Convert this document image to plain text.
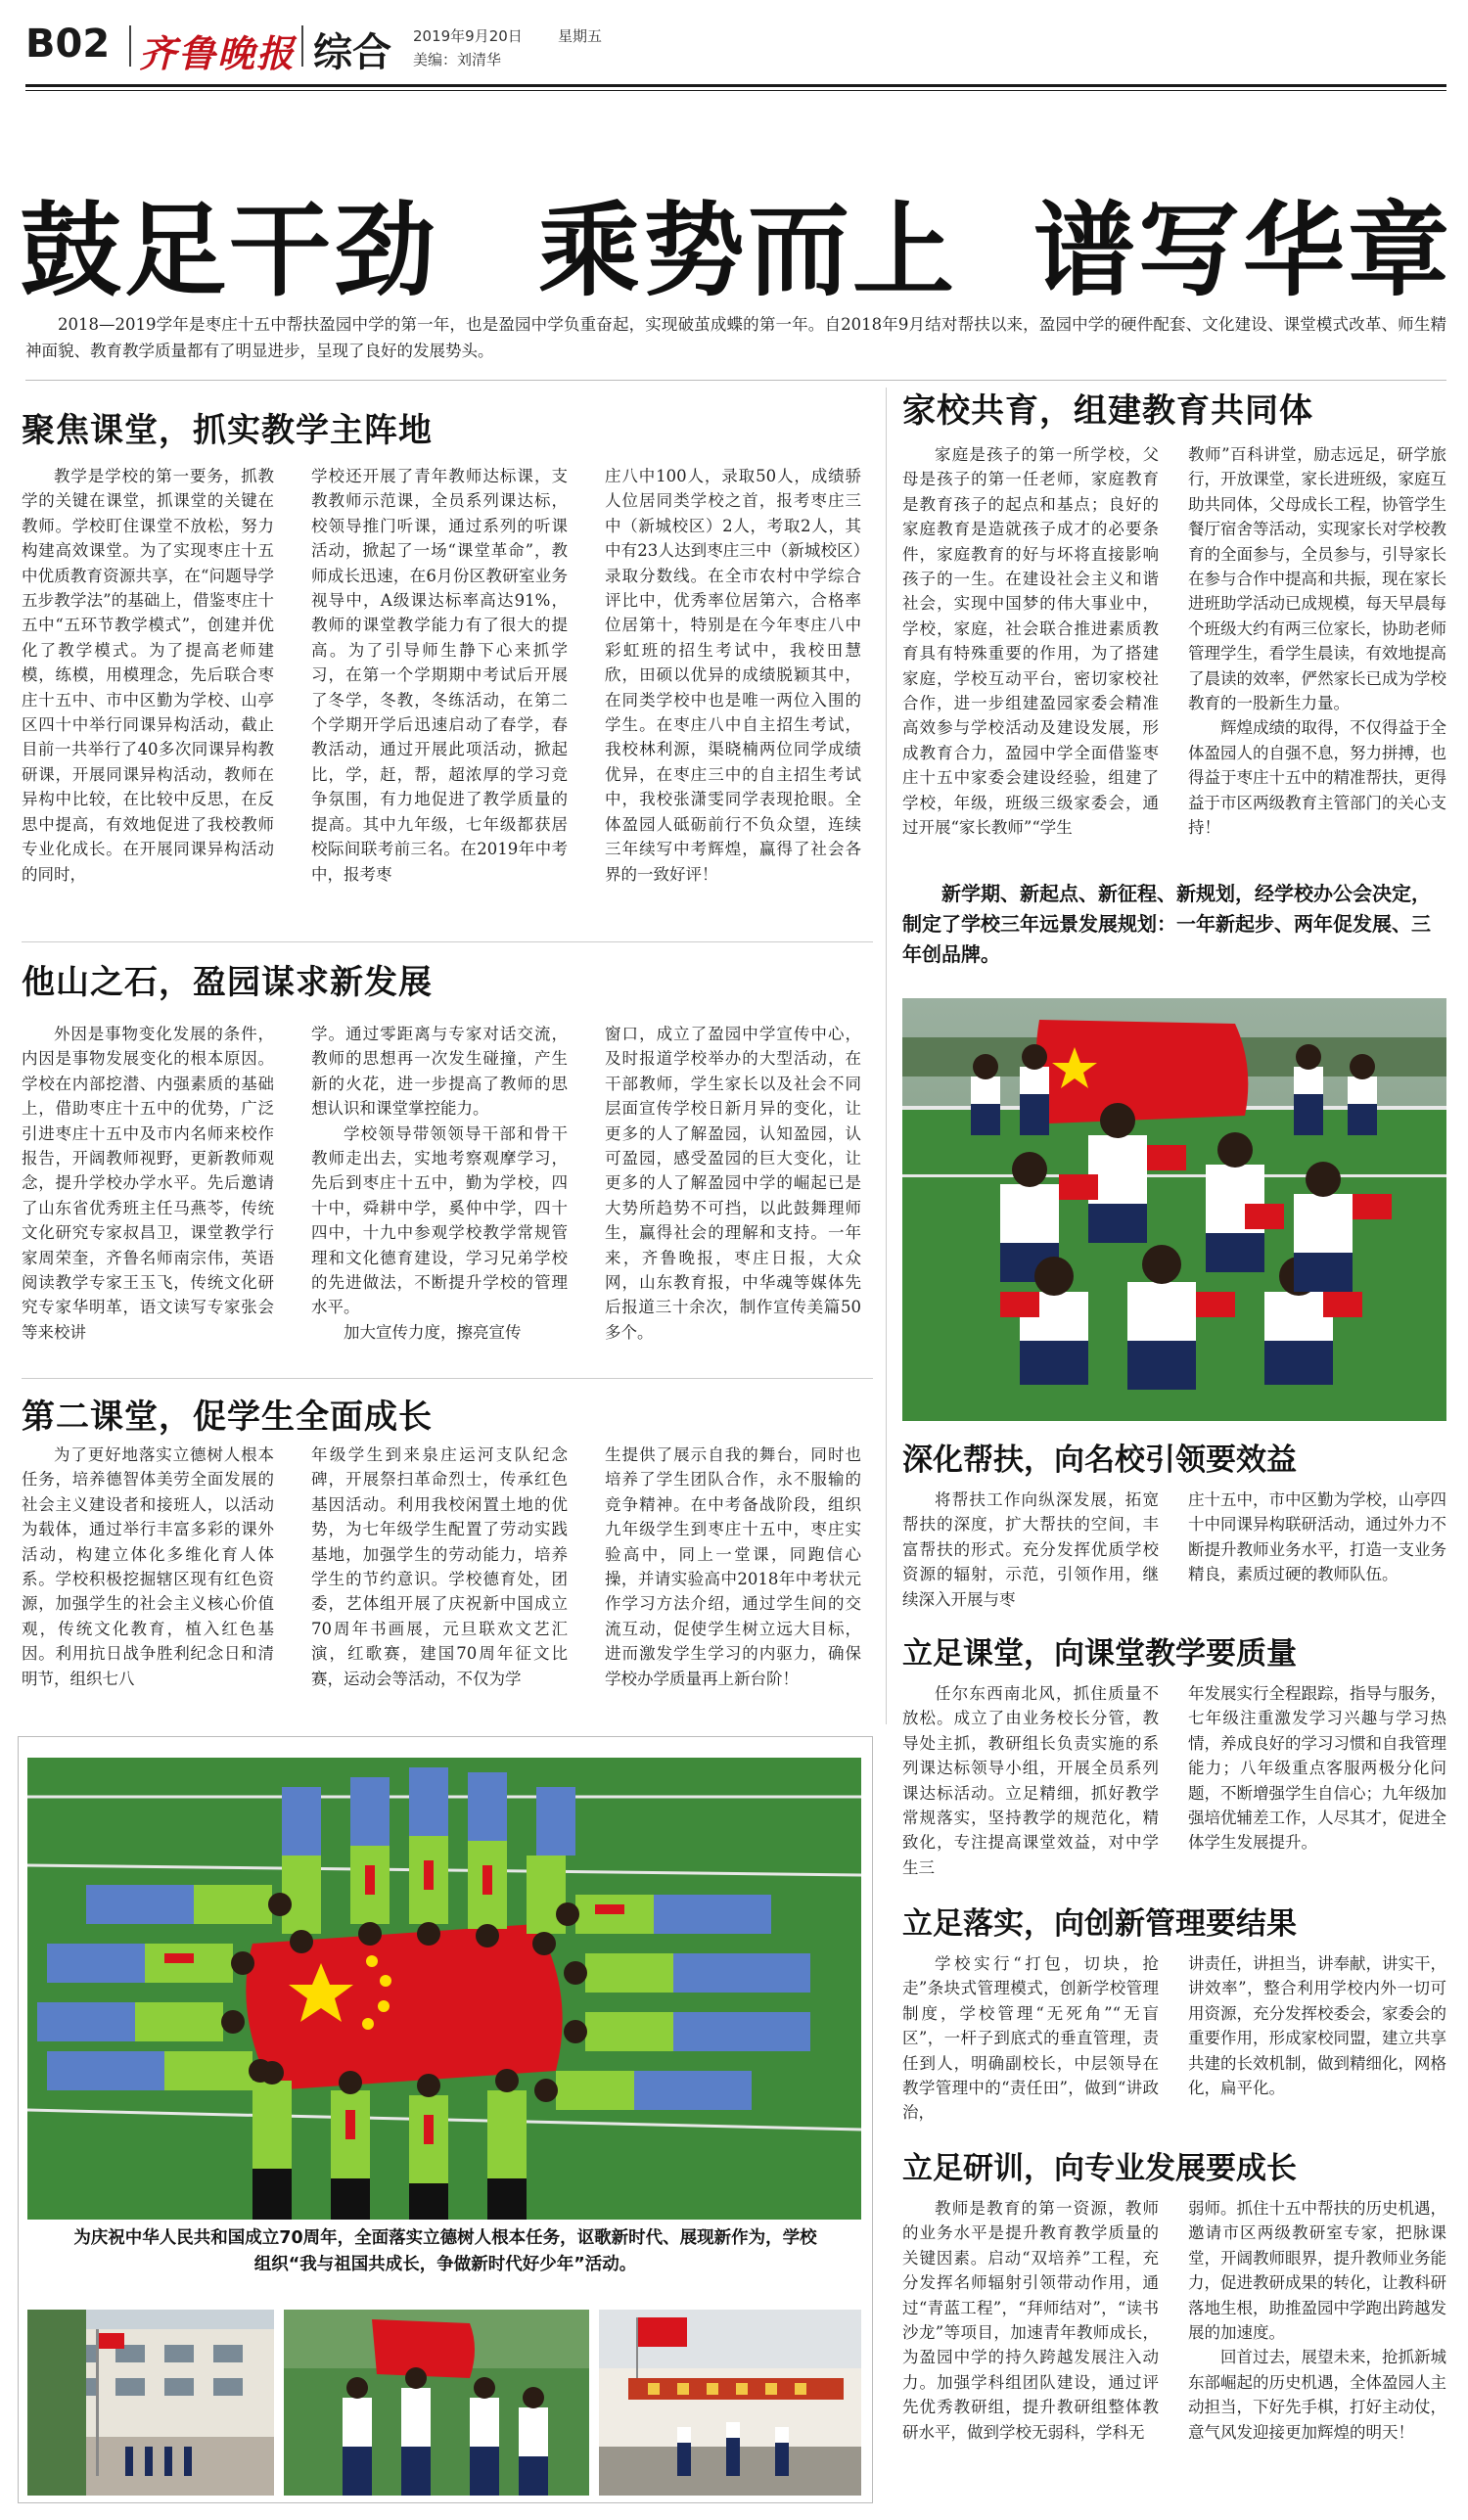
B02 齐鲁晚报 综合 2019年9月20日 星期五
美编：刘清华
鼓足干劲 乘势而上 谱写华章

2018—2019学年是枣庄十五中帮扶盈园中学的第一年，也是盈园中学负重奋起，实现破茧成蝶的第一年。自2018年9月结对帮扶以来，盈园中学的硬件配套、文化建设、课堂模式改革、师生精神面貌、教育教学质量都有了明显进步，呈现了良好的发展势头。

聚焦课堂，抓实教学主阵地

教学是学校的第一要务，抓教学的关键在课堂，抓课堂的关键在教师。学校盯住课堂不放松，努力构建高效课堂。为了实现枣庄十五中优质教育资源共享，在“问题导学五步教学法”的基础上，借鉴枣庄十五中“五环节教学模式”，创建并优化了教学模式。为了提高老师建模，练模，用模理念，先后联合枣庄十五中、市中区勤为学校、山亭区四十中举行同课异构活动，截止目前一共举行了40多次同课异构教研课，开展同课异构活动，教师在异构中比较，在比较中反思，在反思中提高，有效地促进了我校教师专业化成长。在开展同课异构活动的同时，

学校还开展了青年教师达标课，支教教师示范课，全员系列课达标，校领导推门听课，通过系列的听课活动，掀起了一场“课堂革命”，教师成长迅速，在6月份区教研室业务视导中，A级课达标率高达91%，教师的课堂教学能力有了很大的提高。为了引导师生静下心来抓学习，在第一个学期期中考试后开展了冬学，冬教，冬练活动，在第二个学期开学后迅速启动了春学，春教活动，通过开展此项活动，掀起比，学，赶，帮，超浓厚的学习竞争氛围，有力地促进了教学质量的提高。其中九年级，七年级都获居校际间联考前三名。在2019年中考中，报考枣

庄八中100人，录取50人，成绩骄人位居同类学校之首，报考枣庄三中（新城校区）2人，考取2人，其中有23人达到枣庄三中（新城校区）录取分数线。在全市农村中学综合评比中，优秀率位居第六，合格率位居第十，特别是在今年枣庄八中彩虹班的招生考试中，我校田慧欣，田硕以优异的成绩脱颖其中，在同类学校中也是唯一两位入围的学生。在枣庄八中自主招生考试，我校林利源，渠晓楠两位同学成绩优异，在枣庄三中的自主招生考试中，我校张潇雯同学表现抢眼。全体盈园人砥砺前行不负众望，连续三年续写中考辉煌，赢得了社会各界的一致好评！

他山之石，盈园谋求新发展

外因是事物变化发展的条件，内因是事物发展变化的根本原因。学校在内部挖潜、内强素质的基础上，借助枣庄十五中的优势，广泛引进枣庄十五中及市内名师来校作报告，开阔教师视野，更新教师观念，提升学校办学水平。先后邀请了山东省优秀班主任马燕苓，传统文化研究专家叔昌卫，课堂教学行家周荣奎，齐鲁名师南宗伟，英语阅读教学专家王玉飞，传统文化研究专家华明革，语文读写专家张会等来校讲

学。通过零距离与专家对话交流，教师的思想再一次发生碰撞，产生新的火花，进一步提高了教师的思想认识和课堂掌控能力。

学校领导带领领导干部和骨干教师走出去，实地考察观摩学习，先后到枣庄十五中，勤为学校，四十中，舜耕中学，奚仲中学，四十四中，十九中参观学校教学常规管理和文化德育建设，学习兄弟学校的先进做法，不断提升学校的管理水平。

加大宣传力度，擦亮宣传

窗口，成立了盈园中学宣传中心，及时报道学校举办的大型活动，在干部教师，学生家长以及社会不同层面宣传学校日新月异的变化，让更多的人了解盈园，认知盈园，认可盈园，感受盈园的巨大变化，让更多的人了解盈园中学的崛起已是大势所趋势不可挡，以此鼓舞理师生，赢得社会的理解和支持。一年来，齐鲁晚报，枣庄日报，大众网，山东教育报，中华魂等媒体先后报道三十余次，制作宣传美篇50多个。

第二课堂，促学生全面成长

为了更好地落实立德树人根本任务，培养德智体美劳全面发展的社会主义建设者和接班人，以活动为载体，通过举行丰富多彩的课外活动，构建立体化多维化育人体系。学校积极挖掘辖区现有红色资源，加强学生的社会主义核心价值观，传统文化教育，植入红色基因。利用抗日战争胜利纪念日和清明节，组织七八

年级学生到来泉庄运河支队纪念碑，开展祭扫革命烈士，传承红色基因活动。利用我校闲置土地的优势，为七年级学生配置了劳动实践基地，加强学生的劳动能力，培养学生的节约意识。学校德育处，团委，艺体组开展了庆祝新中国成立70周年书画展，元旦联欢文艺汇演，红歌赛，建国70周年征文比赛，运动会等活动，不仅为学

生提供了展示自我的舞台，同时也培养了学生团队合作，永不服输的竞争精神。在中考备战阶段，组织九年级学生到枣庄十五中，枣庄实验高中，同上一堂课，同跑信心操，并请实验高中2018年中考状元作学习方法介绍，通过学生间的交流互动，促使学生树立远大目标，进而激发学生学习的内驱力，确保学校办学质量再上新台阶！

家校共育，组建教育共同体

家庭是孩子的第一所学校，父母是孩子的第一任老师，家庭教育是教育孩子的起点和基点；良好的家庭教育是造就孩子成才的必要条件，家庭教育的好与坏将直接影响孩子的一生。在建设社会主义和谐社会，实现中国梦的伟大事业中，学校，家庭，社会联合推进素质教育具有特殊重要的作用，为了搭建家庭，学校互动平台，密切家校社合作，进一步组建盈园家委会精准高效参与学校活动及建设发展，形成教育合力，盈园中学全面借鉴枣庄十五中家委会建设经验，组建了学校，年级，班级三级家委会，通过开展“家长教师”“学生

教师”百科讲堂，励志远足，研学旅行，开放课堂，家长进班级，家庭互助共同体，父母成长工程，协管学生餐厅宿舍等活动，实现家长对学校教育的全面参与，全员参与，引导家长在参与合作中提高和共振，现在家长进班助学活动已成规模，每天早晨每个班级大约有两三位家长，协助老师管理学生，看学生晨读，有效地提高了晨读的效率，俨然家长已成为学校教育的一股新生力量。

辉煌成绩的取得，不仅得益于全体盈园人的自强不息，努力拼搏，也得益于枣庄十五中的精准帮扶，更得益于市区两级教育主管部门的关心支持！

新学期、新起点、新征程、新规划，经学校办公会决定，制定了学校三年远景发展规划：一年新起步、两年促发展、三年创品牌。

深化帮扶，向名校引领要效益

将帮扶工作向纵深发展，拓宽帮扶的深度，扩大帮扶的空间，丰富帮扶的形式。充分发挥优质学校资源的辐射，示范，引领作用，继续深入开展与枣

庄十五中，市中区勤为学校，山亭四十中同课异构联研活动，通过外力不断提升教师业务水平，打造一支业务精良，素质过硬的教师队伍。

立足课堂，向课堂教学要质量

任尔东西南北风，抓住质量不放松。成立了由业务校长分管，教导处主抓，教研组长负责实施的系列课达标领导小组，开展全员系列课达标活动。立足精细，抓好教学常规落实，坚持教学的规范化，精致化，专注提高课堂效益，对中学生三

年发展实行全程跟踪，指导与服务，七年级注重激发学习兴趣与学习热情，养成良好的学习习惯和自我管理能力；八年级重点客服两极分化问题，不断增强学生自信心；九年级加强培优辅差工作，人尽其才，促进全体学生发展提升。

立足落实，向创新管理要结果

学校实行“打包，切块，抢走”条块式管理模式，创新学校管理制度，学校管理“无死角”“无盲区”，一杆子到底式的垂直管理，责任到人，明确副校长，中层领导在教学管理中的“责任田”，做到“讲政治，

讲责任，讲担当，讲奉献，讲实干，讲效率”，整合利用学校内外一切可用资源，充分发挥校委会，家委会的重要作用，形成家校同盟，建立共享共建的长效机制，做到精细化，网格化，扁平化。

立足研训，向专业发展要成长

教师是教育的第一资源，教师的业务水平是提升教育教学质量的关键因素。启动“双培养”工程，充分发挥名师辐射引领带动作用，通过“青蓝工程”，“拜师结对”，“读书沙龙”等项目，加速青年教师成长，为盈园中学的持久跨越发展注入动力。加强学科组团队建设，通过评先优秀教研组，提升教研组整体教研水平，做到学校无弱科，学科无

弱师。抓住十五中帮扶的历史机遇，邀请市区两级教研室专家，把脉课堂，开阔教师眼界，提升教师业务能力，促进教研成果的转化，让教科研落地生根，助推盈园中学跑出跨越发展的加速度。

回首过去，展望未来，抢抓新城东部崛起的历史机遇，全体盈园人主动担当，下好先手棋，打好主动仗，意气风发迎接更加辉煌的明天！

为庆祝中华人民共和国成立70周年，全面落实立德树人根本任务，讴歌新时代、展现新作为，学校组织“我与祖国共成长，争做新时代好少年”活动。
